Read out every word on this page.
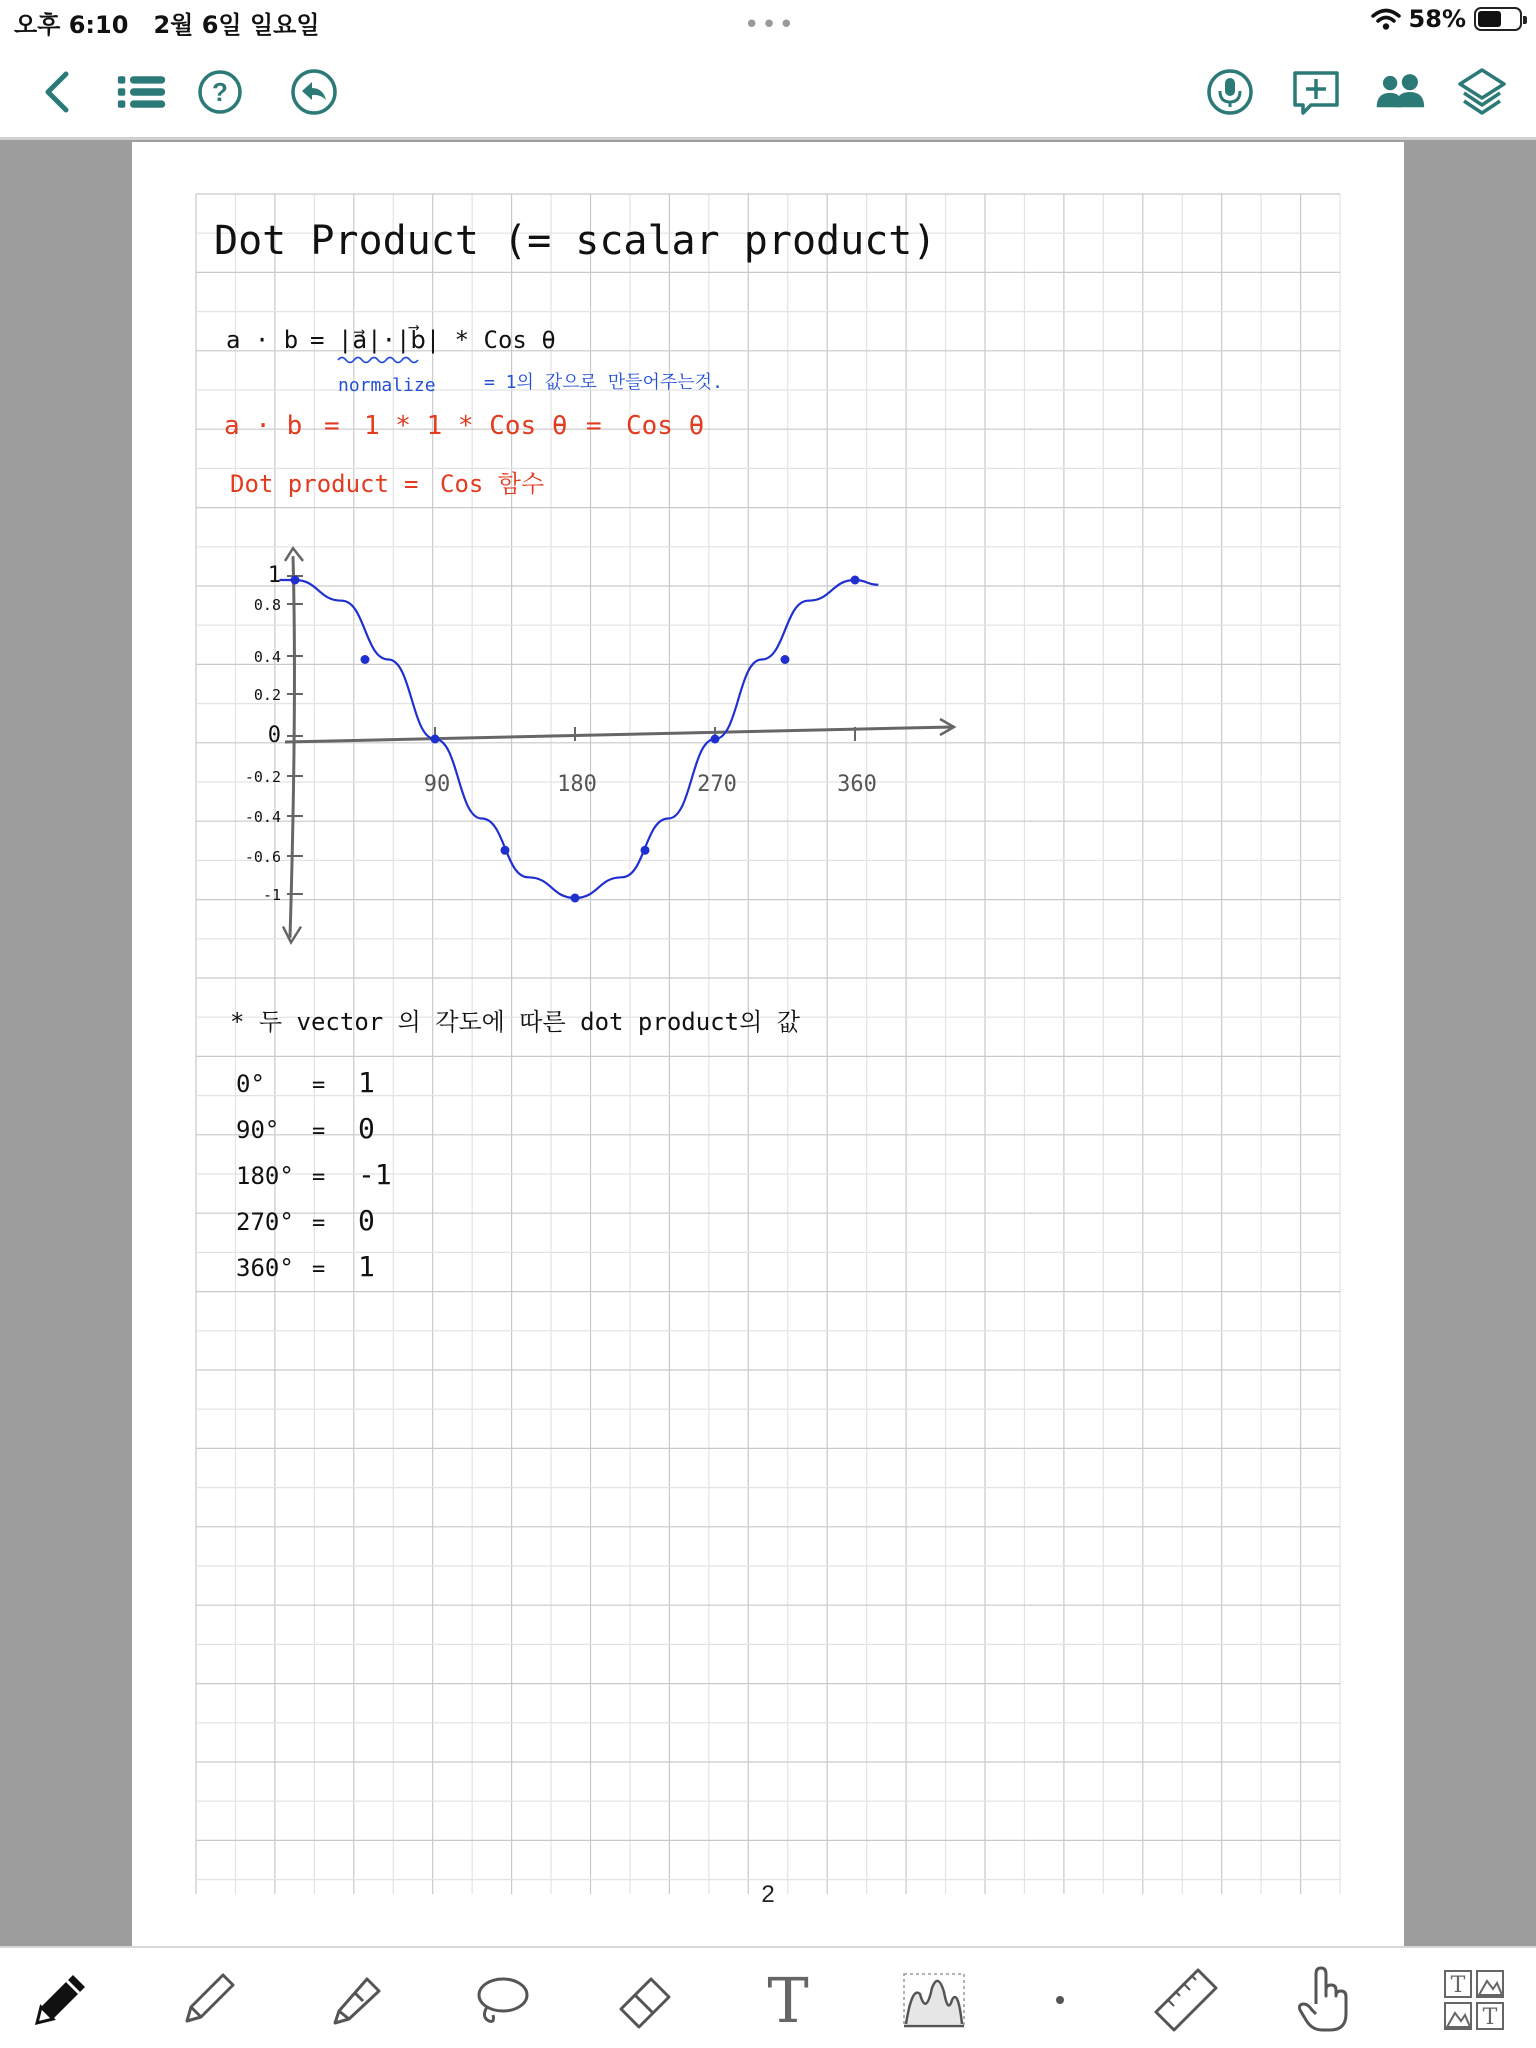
오후 6:10   2월 6일 일요일	•••	58%
?
Dot Product (= scalar product)
a · b = |a⃗|·|b⃗| * Cos θ
normalize	= 1의 값으로 만들어주는것.
a · b = 1 * 1 * Cos θ = Cos θ
Dot product = Cos 함수
1
0.8
0.4
0.2
0
-0.2
-0.4
-0.6
-1
90	180	270	360
* 두 vector 의 각도에 따른 dot product의 값
0° = 1
90° = 0
180° = -1
270° = 0
360° = 1
2
T	T
T
